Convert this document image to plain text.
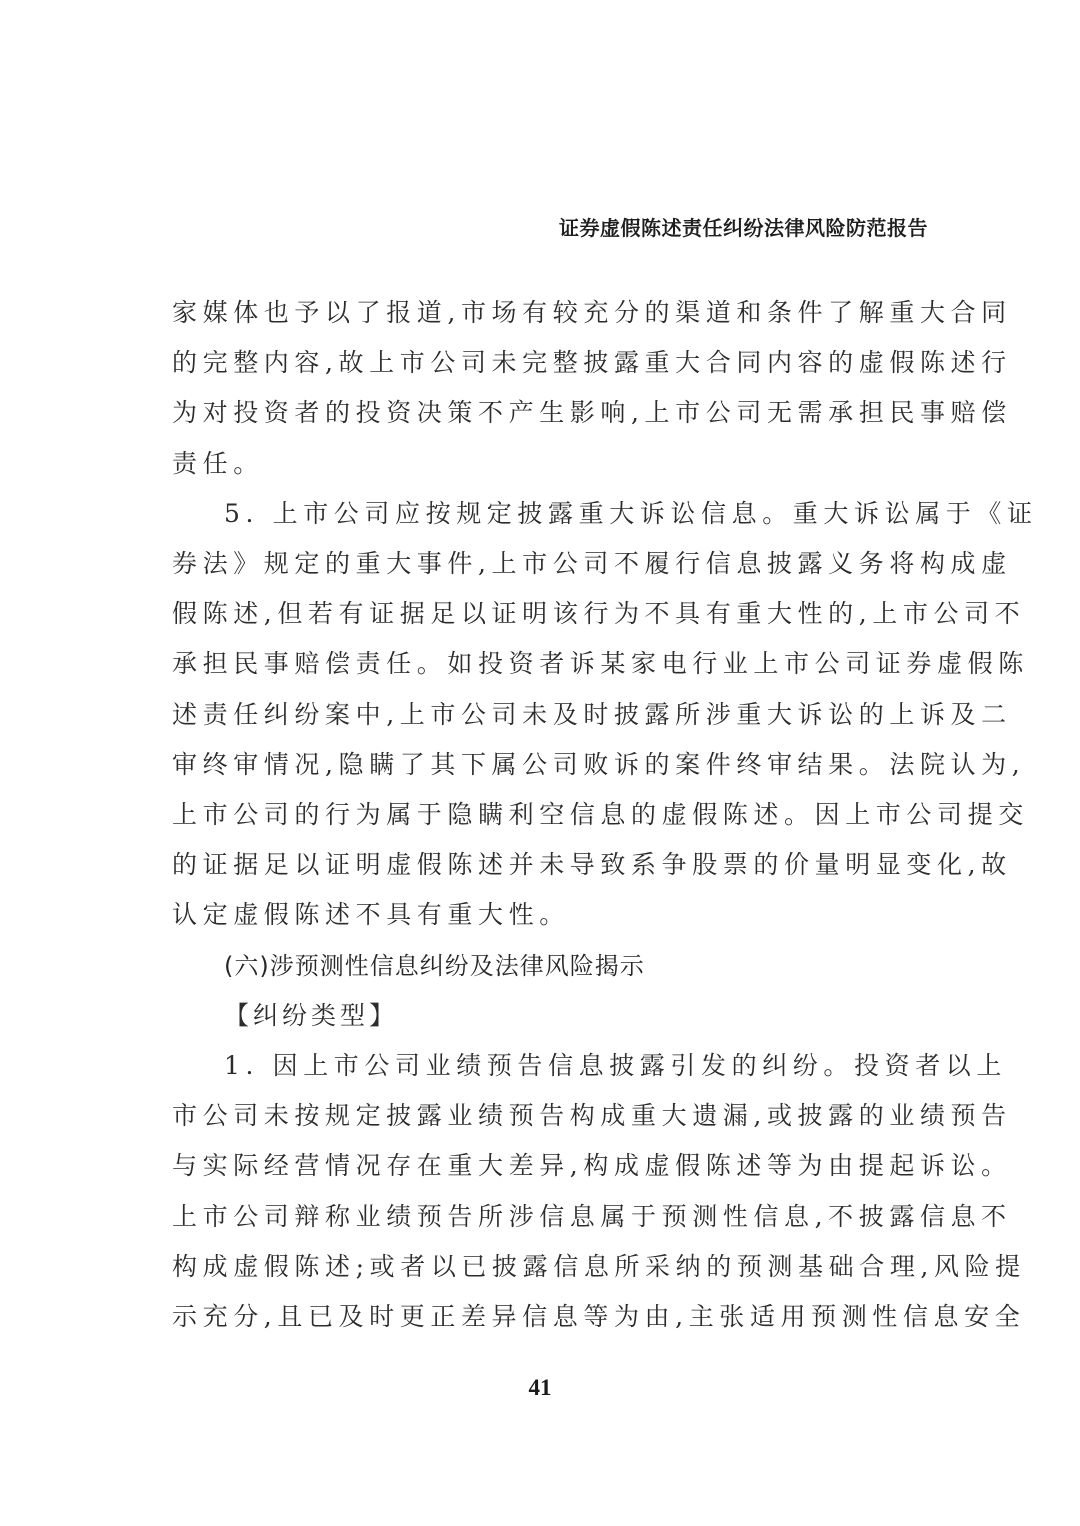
证券虚假陈述责任纠纷法律风险防范报告

家媒体也予以了报道,市场有较充分的渠道和条件了解重大合同
的完整内容,故上市公司未完整披露重大合同内容的虚假陈述行
为对投资者的投资决策不产生影响,上市公司无需承担民事赔偿
责任。

5. 上市公司应按规定披露重大诉讼信息。重大诉讼属于《证
券法》规定的重大事件,上市公司不履行信息披露义务将构成虚
假陈述,但若有证据足以证明该行为不具有重大性的,上市公司不
承担民事赔偿责任。如投资者诉某家电行业上市公司证券虚假陈
述责任纠纷案中,上市公司未及时披露所涉重大诉讼的上诉及二
审终审情况,隐瞒了其下属公司败诉的案件终审结果。法院认为,
上市公司的行为属于隐瞒利空信息的虚假陈述。因上市公司提交
的证据足以证明虚假陈述并未导致系争股票的价量明显变化,故
认定虚假陈述不具有重大性。

(六)涉预测性信息纠纷及法律风险揭示

【纠纷类型】

1. 因上市公司业绩预告信息披露引发的纠纷。投资者以上
市公司未按规定披露业绩预告构成重大遗漏,或披露的业绩预告
与实际经营情况存在重大差异,构成虚假陈述等为由提起诉讼。
上市公司辩称业绩预告所涉信息属于预测性信息,不披露信息不
构成虚假陈述;或者以已披露信息所采纳的预测基础合理,风险提
示充分,且已及时更正差异信息等为由,主张适用预测性信息安全

41
